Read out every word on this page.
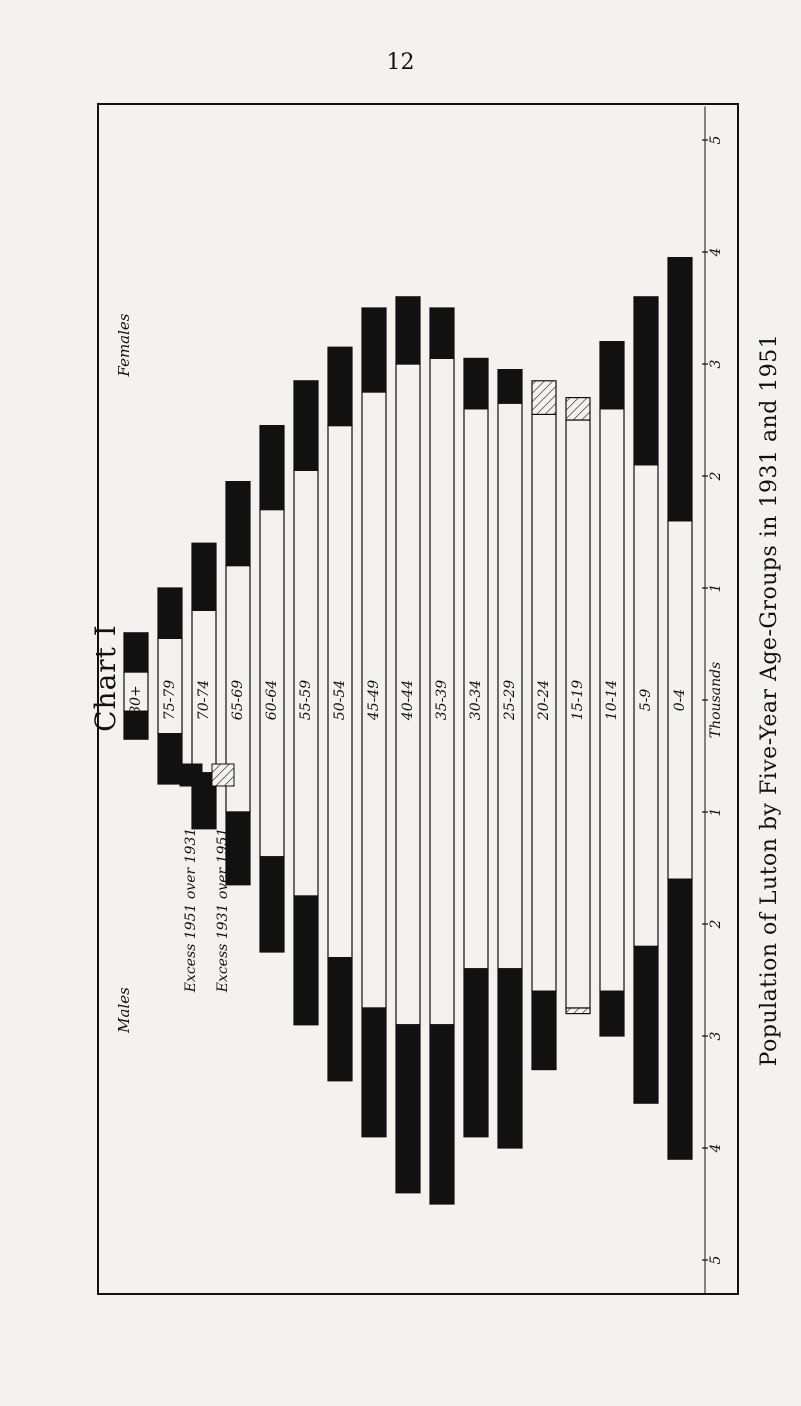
12
Chart I	Population of Luton by Five-Year Age-Groups in 1931 and 1951
80+ 75-79 70-74 65-69 60-64 55-59 50-54 45-49 40-44 35-39 30-34 25-29 20-24 15-19 10-14 5-9 0-4
5
4
3
2
1
1
2
3
4
5
Thousands
Excess 1951 over 1931 Excess 1931 over 1951
Males
Females
